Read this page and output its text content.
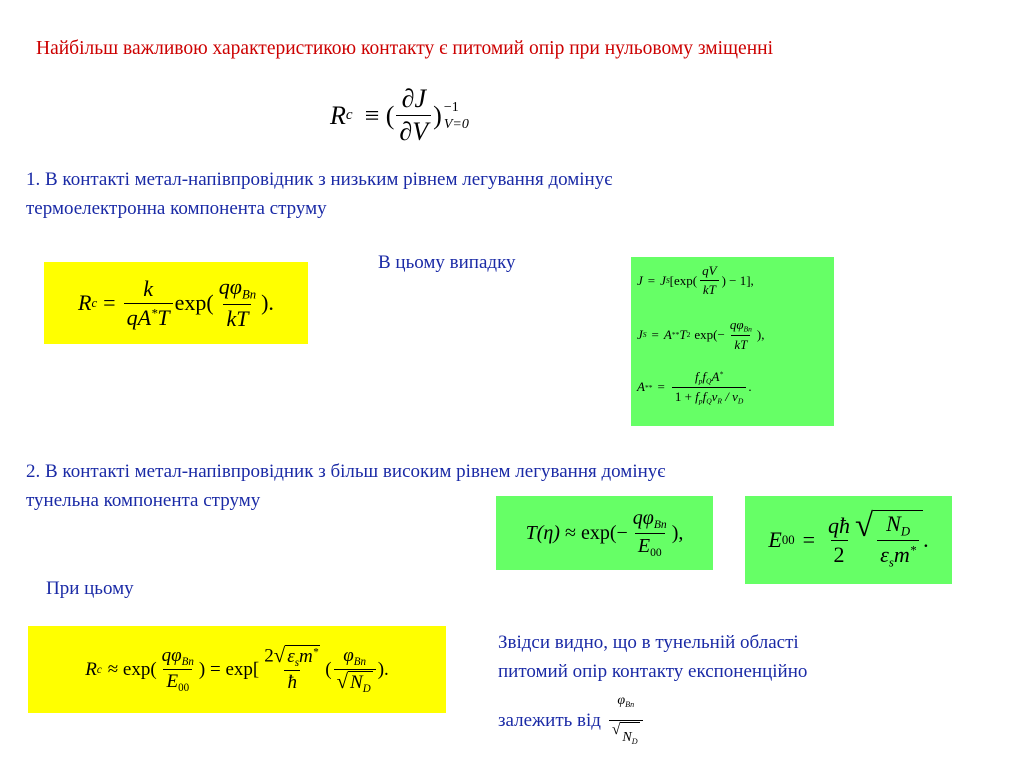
Найбільш важливою характеристикою контакту є питомий опір при нульовому зміщенні
R c ≡ ( $\frac{\partial J}{\partial V}$ ) −1
V=0
1. В контакті метал-напівпровідник з низьким рівнем легування домінує
термоелектронна компонента струму
В цьому випадку
R $c = \frac{k}{qA^*T} \exp( \frac{q\varphi_{Bn}}{kT}$ ).
J = J S [$\exp( \frac{qV}{kT}$ ) − 1],
J S = A ** T 2 $\exp(- \frac{q\varphi_{Bn}}{kT}$ ),
A ** = $\frac{f_pf_QA^*}{1 + f_pf_Qv_R / v_D}$ .
2. В контакті метал-напівпровідник з більш високим рівнем легування домінує
тунельна компонента струму
При цьому
T $(\eta) \approx \exp(- \frac{q\varphi_{Bn}}{E_{00}}$ ),	E $00 = \frac{qħ}{2}$ √ $\frac{N_D}{\varepsilon_sm^*}$ .
R $c \approx \exp( \frac{q\varphi_{Bn}}{E_{00}}$ ) = $\exp[ \frac{2 √ \varepsilon_sm^*}{ħ}$ ( $\frac{\varphi_{Bn}}{√ N_D}$ ).
Звідси видно, що в тунельній області
питомий опір контакту експоненційно
залежить від $\frac{\varphi_{Bn}}{√ N_D}$
